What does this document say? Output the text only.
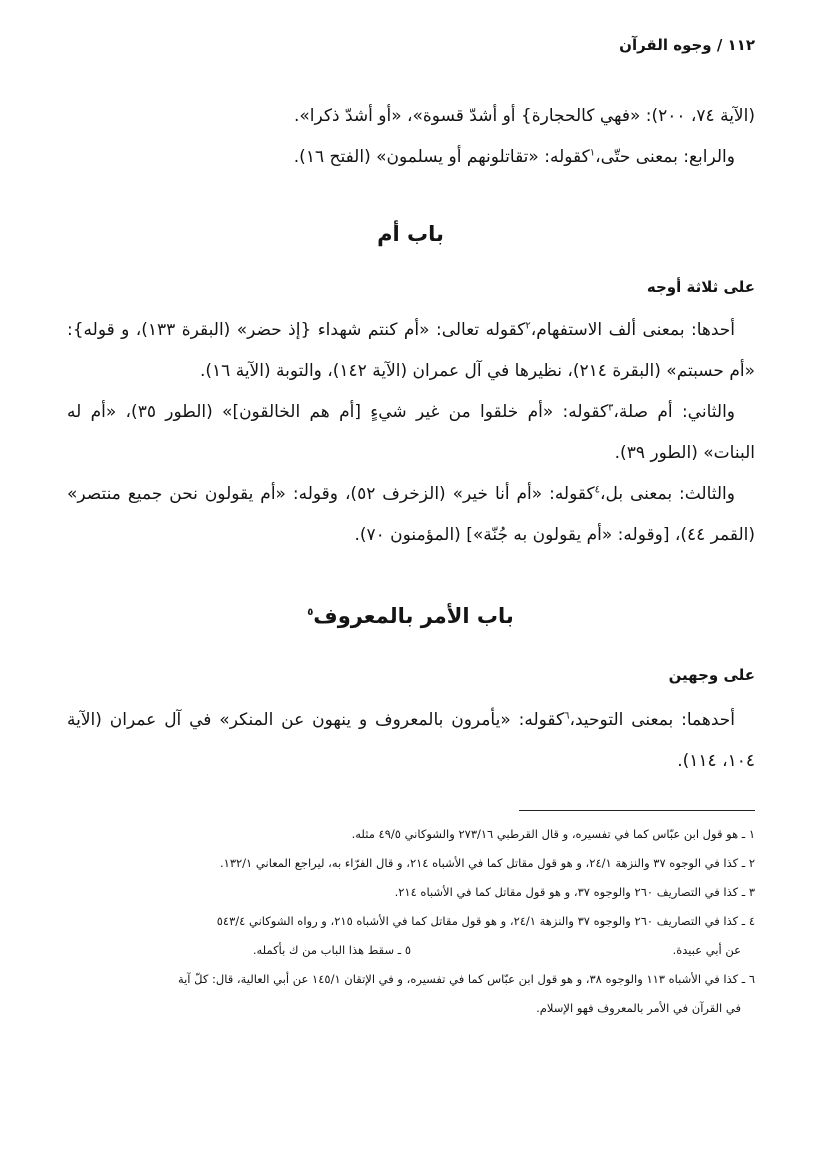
١١٢ / وجوه القرآن

(الآية ٧٤، ٢٠٠): «فهي كالحجارة} أو أشدّ قسوة»، «أو أشدّ ذكرا».

والرابع: بمعنى حتّى،$^١$كقوله: «تقاتلونهم أو يسلمون» (الفتح ١٦).

باب أم
على ثلاثة أوجه

أحدها: بمعنى ألف الاستفهام،$^٢$كقوله تعالى: «أم كنتم شهداء {إذ حضر» (البقرة ١٣٣)، و قوله}: «أم حسبتم» (البقرة ٢١٤)، نظيرها في آل عمران (الآية ١٤٢)، والتوبة (الآية ١٦).

والثاني: أم صلة،$^٣$كقوله: «أم خلقوا من غير شيءٍ [أم هم الخالقون]» (الطور ٣٥)، «أم له البنات» (الطور ٣٩).

والثالث: بمعنى بل،$^٤$كقوله: «أم أنا خير» (الزخرف ٥٢)، وقوله: «أم يقولون نحن جميع منتصر» (القمر ٤٤)، [وقوله: «أم يقولون به جُنّة»] (المؤمنون ٧٠).

باب الأمر بالمعروف$^٥$
على وجهين

أحدهما: بمعنى التوحيد،$^٦$كقوله: «يأمرون بالمعروف و ينهون عن المنكر» في آل عمران (الآية ١٠٤، ١١٤).

١ ـ هو قول ابن عبّاس كما في تفسيره، و قال القرطبي ٢٧٣/١٦ والشوكاني ٤٩/٥ مثله.

٢ ـ كذا في الوجوه ٣٧ والنزهة ٢٤/١، و هو قول مقاتل كما في الأشباه ٢١٤، و قال الفرّاء به، ليراجع المعاني ١٣٢/١.

٣ ـ كذا في التصاريف ٢٦٠ والوجوه ٣٧، و هو قول مقاتل كما في الأشباه ٢١٤.

٤ ـ كذا في التصاريف ٢٦٠ والوجوه ٣٧ والنزهة ٢٤/١، و هو قول مقاتل كما في الأشباه ٢١٥، و رواه الشوكاني ٥٤٣/٤

عن أبي عبيدة.
٥ ـ سقط هذا الباب من ك بأكمله.

٦ ـ كذا في الأشباه ١١٣ والوجوه ٣٨، و هو قول ابن عبّاس كما في تفسيره، و في الإتقان ١٤٥/١ عن أبي العالية، قال: كلّ آية

في القرآن في الأمر بالمعروف فهو الإسلام.
